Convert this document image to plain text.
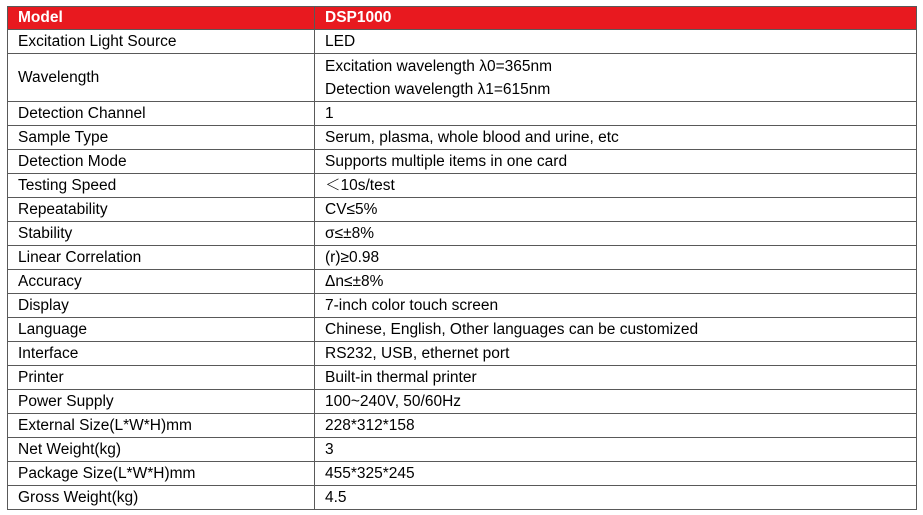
Model	DSP1000
Excitation Light Source	LED
Wavelength	Excitation wavelength λ0=365nm
Detection wavelength λ1=615nm

Detection Channel	1
Sample Type	Serum, plasma, whole blood and urine, etc
Detection Mode	Supports multiple items in one card
Testing Speed	＜10s/test
Repeatability	CV≤5%
Stability	σ≤±8%
Linear Correlation	(r)≥0.98
Accuracy	Δn≤±8%
Display	7-inch color touch screen
Language	Chinese, English, Other languages can be customized
Interface	RS232, USB, ethernet port
Printer	Built-in thermal printer
Power Supply	100~240V, 50/60Hz
External Size(L*W*H)mm	228*312*158
Net Weight(kg)	3
Package Size(L*W*H)mm	455*325*245
Gross Weight(kg)	4.5
